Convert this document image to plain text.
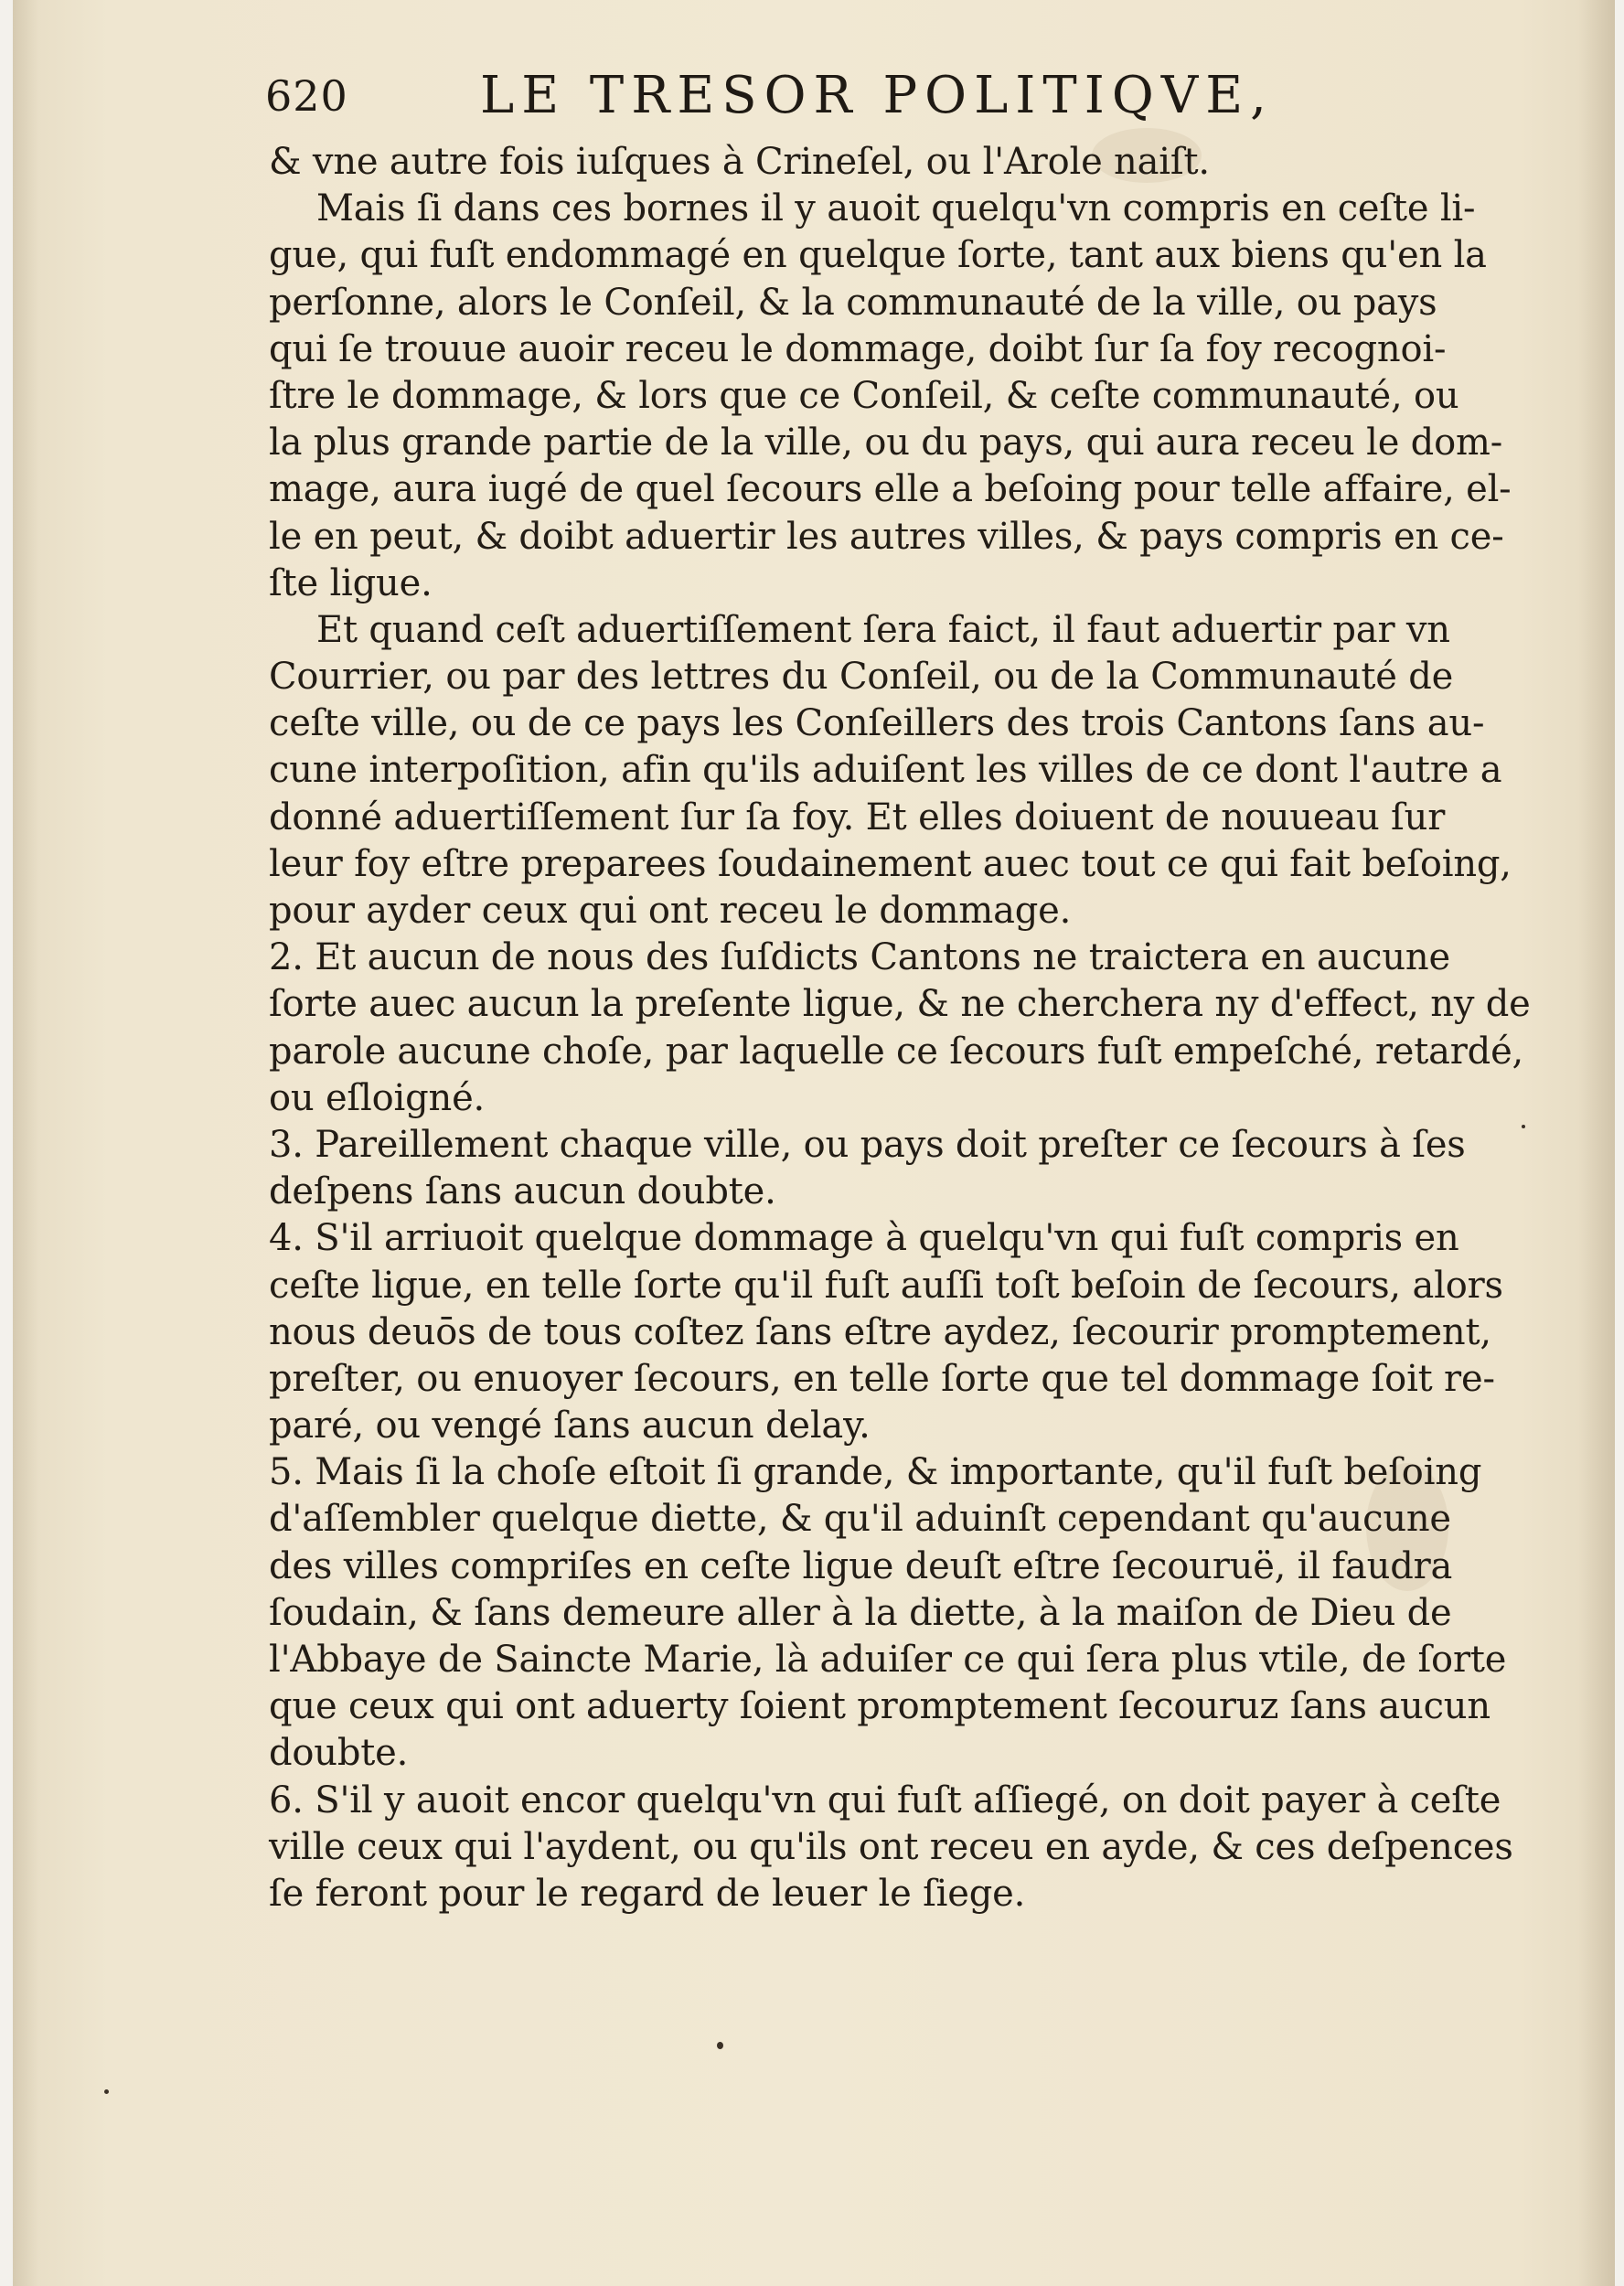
620	LE TRESOR POLITIQVE,
& vne autre fois iuſques à Crineſel, ou l'Arole naiſt.
Mais ſi dans ces bornes il y auoit quelqu'vn compris en ceſte li-
gue, qui fuſt endommagé en quelque ſorte, tant aux biens qu'en la
perſonne, alors le Conſeil, & la communauté de la ville, ou pays
qui ſe trouue auoir receu le dommage, doibt ſur ſa foy recognoi-
ſtre le dommage, & lors que ce Conſeil, & ceſte communauté, ou
la plus grande partie de la ville, ou du pays, qui aura receu le dom-
mage, aura iugé de quel ſecours elle a beſoing pour telle affaire, el-
le en peut, & doibt aduertir les autres villes, & pays compris en ce-
ſte ligue.
Et quand ceſt aduertiſſement ſera faict, il faut aduertir par vn
Courrier, ou par des lettres du Conſeil, ou de la Communauté de
ceſte ville, ou de ce pays les Conſeillers des trois Cantons ſans au-
cune interpoſition, afin qu'ils aduiſent les villes de ce dont l'autre a
donné aduertiſſement ſur ſa foy. Et elles doiuent de nouueau ſur
leur foy eſtre preparees ſoudainement auec tout ce qui fait beſoing,
pour ayder ceux qui ont receu le dommage.
2. Et aucun de nous des ſuſdicts Cantons ne traictera en aucune
ſorte auec aucun la preſente ligue, & ne cherchera ny d'effect, ny de
parole aucune choſe, par laquelle ce ſecours fuſt empeſché, retardé,
ou eſloigné.
3. Pareillement chaque ville, ou pays doit preſter ce ſecours à ſes
deſpens ſans aucun doubte.
4. S'il arriuoit quelque dommage à quelqu'vn qui fuſt compris en
ceſte ligue, en telle ſorte qu'il fuſt auſſi toſt beſoin de ſecours, alors
nous deuōs de tous coſtez ſans eſtre aydez, ſecourir promptement,
preſter, ou enuoyer ſecours, en telle ſorte que tel dommage ſoit re-
paré, ou vengé ſans aucun delay.
5. Mais ſi la choſe eſtoit ſi grande, & importante, qu'il fuſt beſoing
d'aſſembler quelque diette, & qu'il aduinſt cependant qu'aucune
des villes compriſes en ceſte ligue deuſt eſtre ſecouruë, il faudra
ſoudain, & ſans demeure aller à la diette, à la maiſon de Dieu de
l'Abbaye de Saincte Marie, là aduiſer ce qui ſera plus vtile, de ſorte
que ceux qui ont aduerty ſoient promptement ſecouruz ſans aucun
doubte.
6. S'il y auoit encor quelqu'vn qui fuſt aſſiegé, on doit payer à ceſte
ville ceux qui l'aydent, ou qu'ils ont receu en ayde, & ces deſpences
ſe feront pour le regard de leuer le ſiege.
